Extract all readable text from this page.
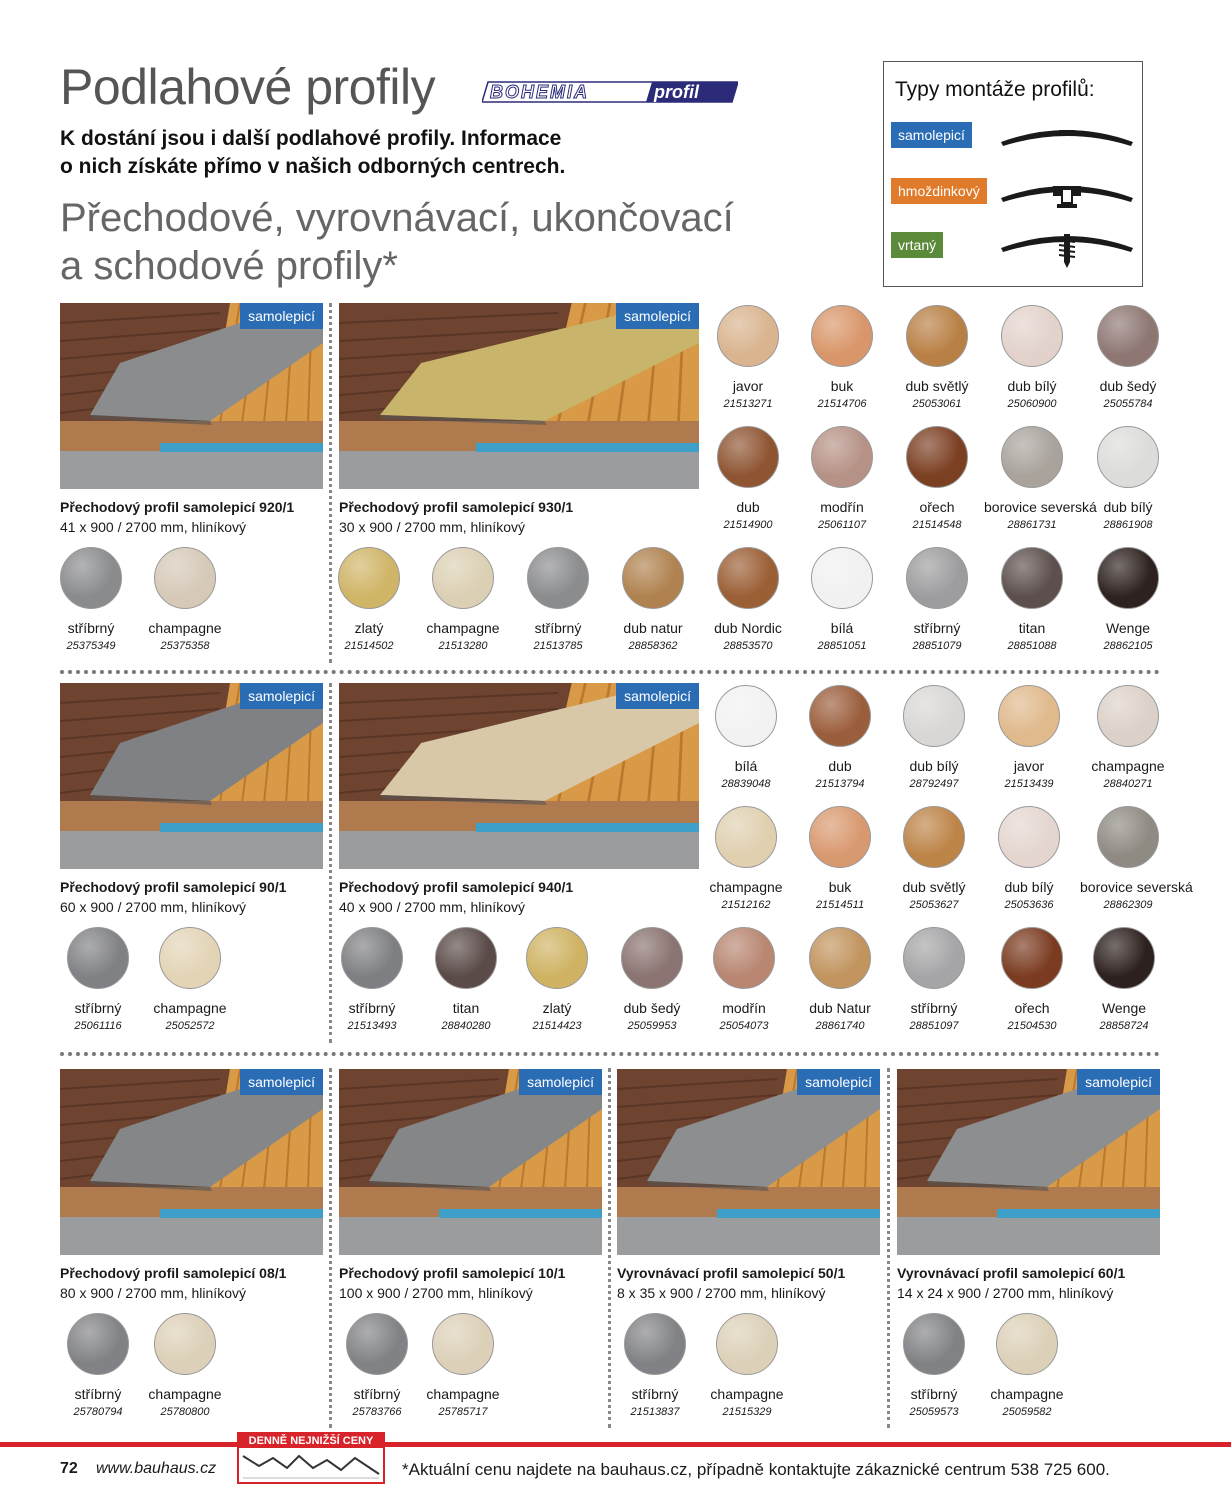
Podlahové profily	BOHEMIA	profil
K dostání jsou i další podlahové profily. Informace
o nich získáte přímo v našich odborných centrech.
Přechodové, vyrovnávací, ukončovací
a schodové profily*
Typy montáže profilů:
samolepicí
hmoždinkový
vrtaný
samolepicí
Přechodový profil samolepicí 920/1
41 x 900 / 2700 mm, hliníkový
samolepicí
Přechodový profil samolepicí 930/1
30 x 900 / 2700 mm, hliníkový
samolepicí
Přechodový profil samolepicí 90/1
60 x 900 / 2700 mm, hliníkový
samolepicí
Přechodový profil samolepicí 940/1
40 x 900 / 2700 mm, hliníkový
samolepicí
Přechodový profil samolepicí 08/1
80 x 900 / 2700 mm, hliníkový
samolepicí
Přechodový profil samolepicí 10/1
100 x 900 / 2700 mm, hliníkový
samolepicí
Vyrovnávací profil samolepicí 50/1
8 x 35 x 900 / 2700 mm, hliníkový
samolepicí
Vyrovnávací profil samolepicí 60/1
14 x 24 x 900 / 2700 mm, hliníkový
javor
21513271
buk
21514706
dub světlý
25053061
dub bílý
25060900
dub šedý
25055784
dub
21514900
modřín
25061107
ořech
21514548
borovice severská
28861731
dub bílý
28861908
stříbrný
25375349
champagne
25375358
zlatý
21514502
champagne
21513280
stříbrný
21513785
dub natur
28858362
dub Nordic
28853570
bílá
28851051
stříbrný
28851079
titan
28851088
Wenge
28862105
bílá
28839048
dub
21513794
dub bílý
28792497
javor
21513439
champagne
28840271
champagne
21512162
buk
21514511
dub světlý
25053627
dub bílý
25053636
borovice severská
28862309
stříbrný
25061116
champagne
25052572
stříbrný
21513493
titan
28840280
zlatý
21514423
dub šedý
25059953
modřín
25054073
dub Natur
28861740
stříbrný
28851097
ořech
21504530
Wenge
28858724
stříbrný
25780794
champagne
25780800
stříbrný
25783766
champagne
25785717
stříbrný
21513837
champagne
21515329
stříbrný
25059573
champagne
25059582
72 www.bauhaus.cz
DENNĚ NEJNIŽŠÍ CENY
*Aktuální cenu najdete na bauhaus.cz, případně kontaktujte zákaznické centrum 538 725 600.
